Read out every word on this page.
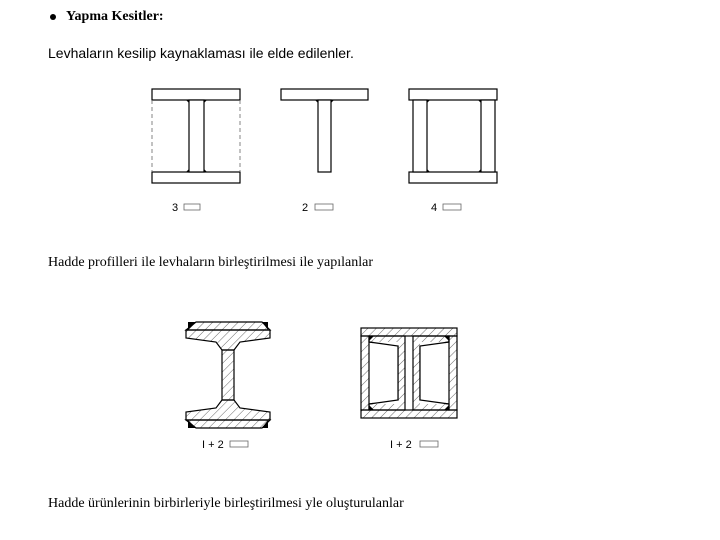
Yapma Kesitler:
Levhaların kesilip kaynaklaması ile elde edilenler.
Hadde profilleri ile levhaların birleştirilmesi ile yapılanlar
Hadde ürünlerinin birbirleriyle birleştirilmesi yle oluşturulanlar
3	2	4
I + 2	I + 2
